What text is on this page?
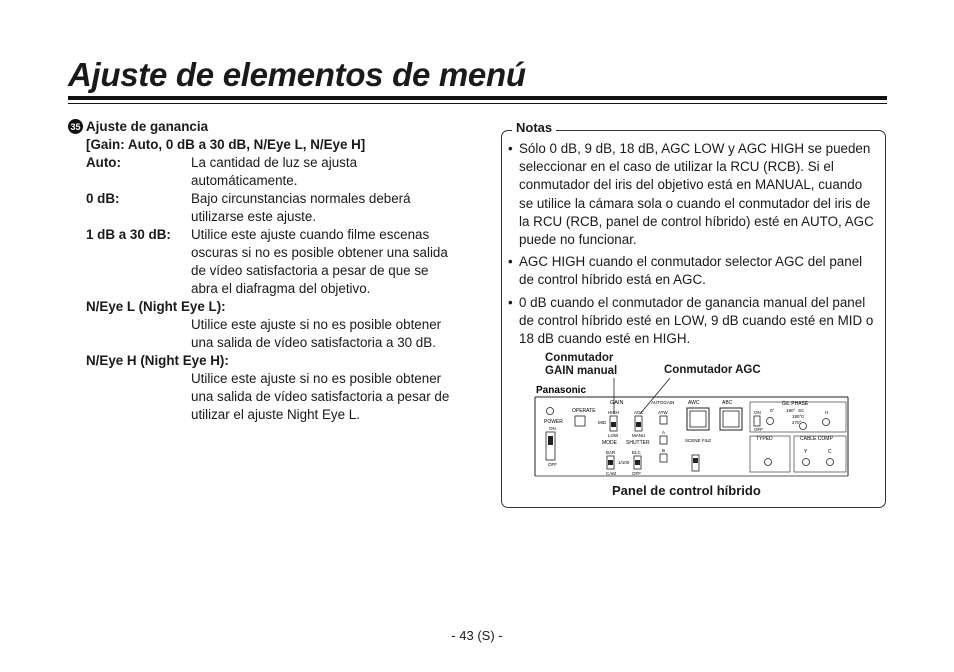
Ajuste de elementos de menú
35 Ajuste de ganancia
[Gain: Auto, 0 dB a 30 dB, N/Eye L, N/Eye H]
Auto:	La cantidad de luz se ajusta automáticamente.
0 dB:	Bajo circunstancias normales deberá utilizarse este ajuste.
1 dB a 30 dB:	Utilice este ajuste cuando filme escenas oscuras si no es posible obtener una salida de vídeo satisfactoria a pesar de que se abra el diafragma del objetivo.
N/Eye L (Night Eye L):
Utilice este ajuste si no es posible obtener una salida de vídeo satisfactoria a 30 dB.
N/Eye H (Night Eye H):
Utilice este ajuste si no es posible obtener una salida de vídeo satisfactoria a pesar de utilizar el ajuste Night Eye L.
Notas
• Sólo 0 dB, 9 dB, 18 dB, AGC LOW y AGC HIGH se pueden seleccionar en el caso de utilizar la RCU (RCB). Si el conmutador del iris del objetivo está en MANUAL, cuando se utilice la cámara sola o cuando el conmutador del iris de la RCU (RCB, panel de control híbrido) esté en AUTO, AGC puede no funcionar.
• AGC HIGH cuando el conmutador selector AGC del panel de control híbrido está en AGC.
• 0 dB cuando el conmutador de ganancia manual del panel de control híbrido esté en LOW, 9 dB cuando esté en MID o 18 dB cuando esté en HIGH.
Conmutador
GAIN manual	Conmutador AGC
Panasonic
POWER
ON
OFF
OPERATE
GAIN
HIGH
MID
LOW
AGC
MANU
AUTOGAIN
ATW
A
B
AWC	ABC
MODE SHUTTER
BAR
CAM
ELC
1/100
OFF
SCENE FILE
G/L PHASE
ON
OFF
0°	180° SC
180°0
270°
H
TYPED	CABLE COMP
Y	C
Panel de control híbrido
- 43 (S) -
